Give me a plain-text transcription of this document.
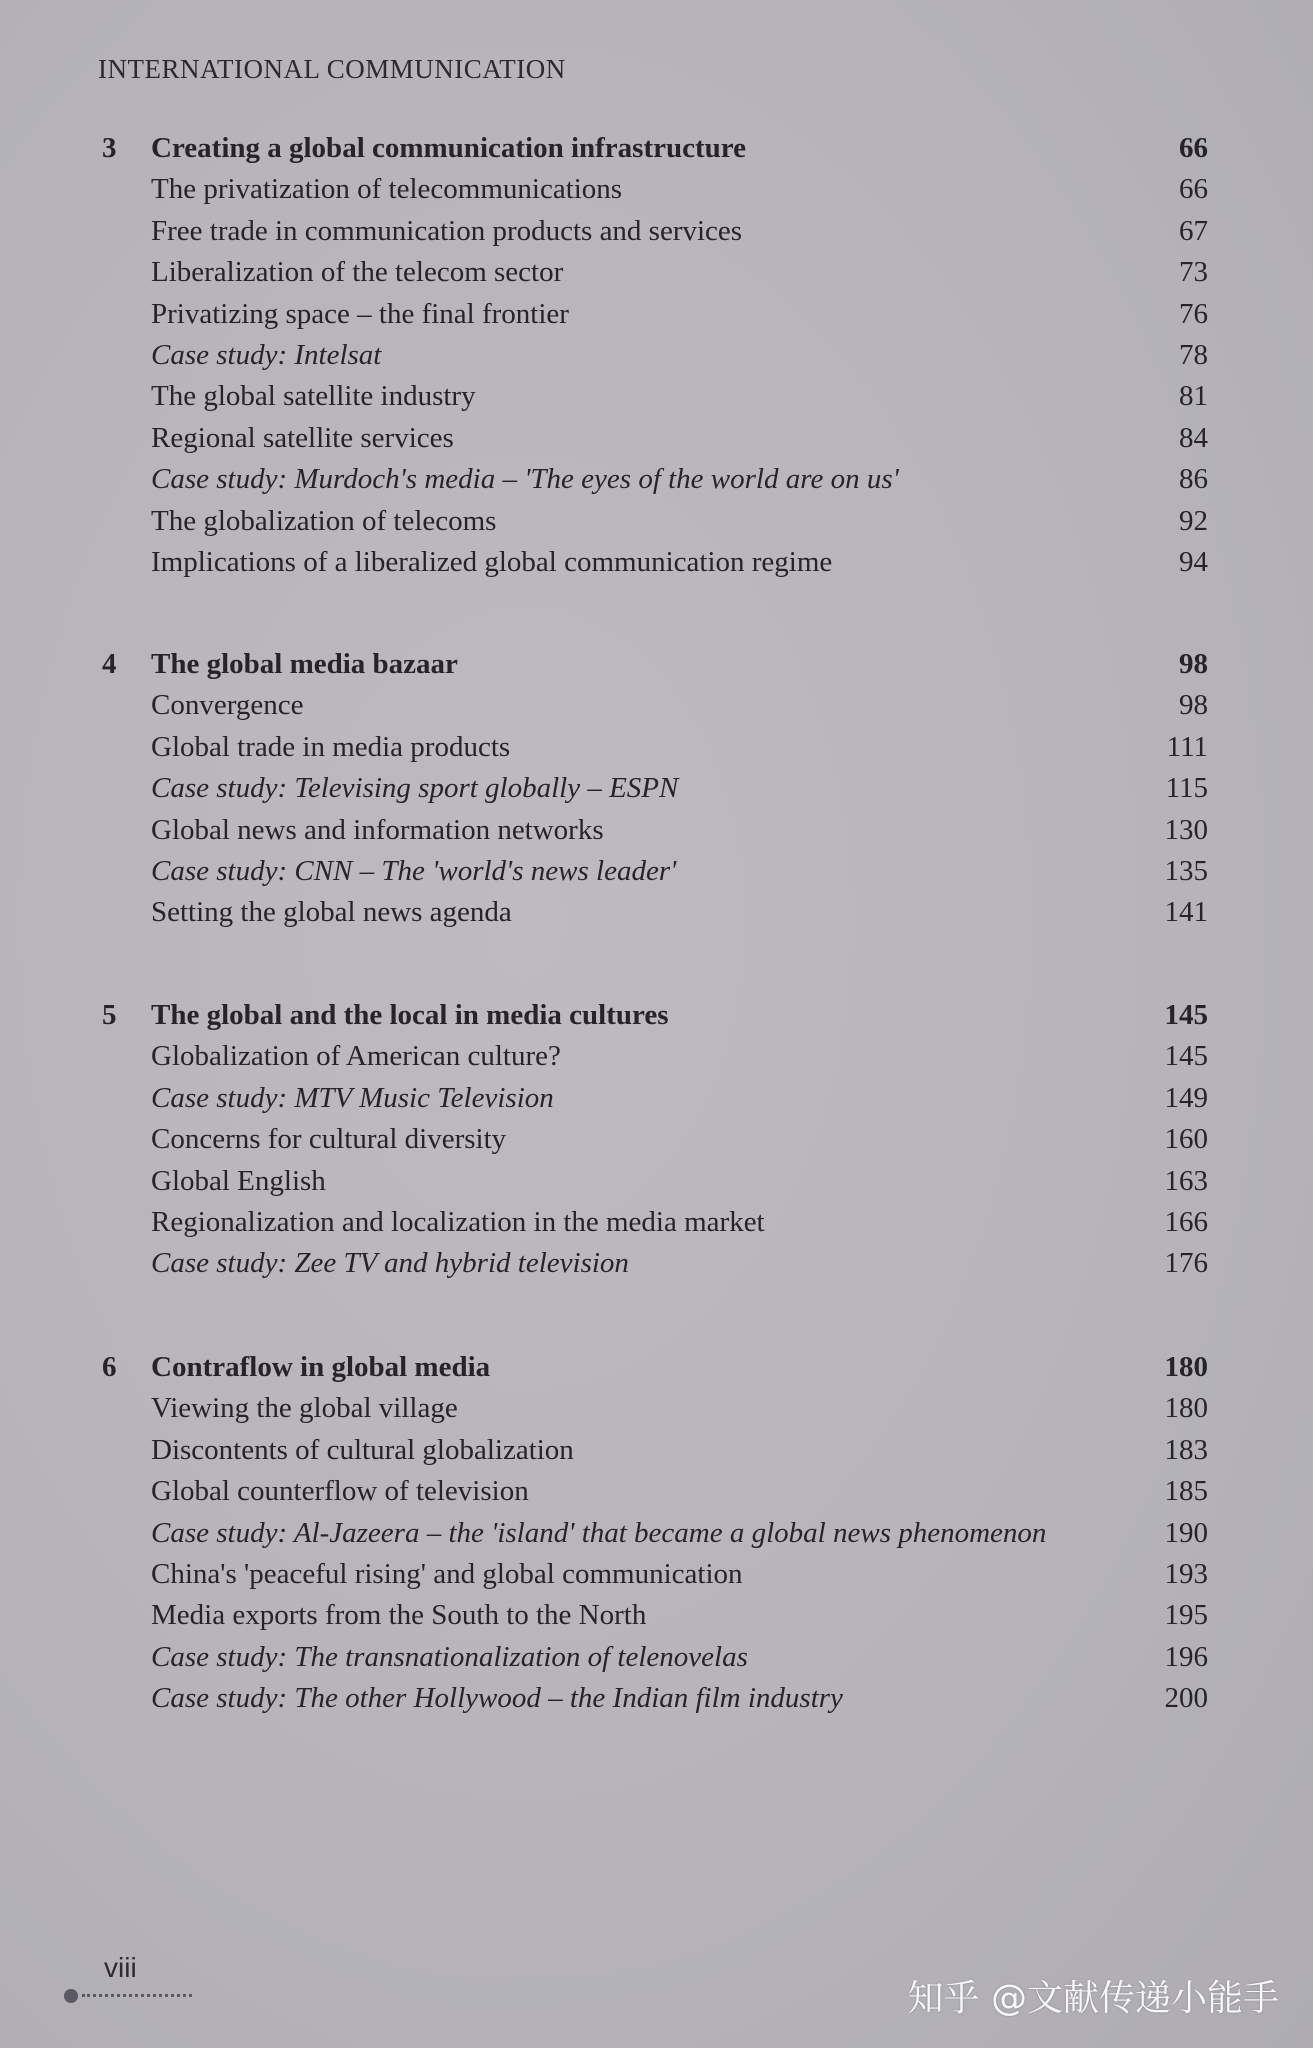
INTERNATIONAL COMMUNICATION
3 Creating a global communication infrastructure	66
The privatization of telecommunications	66
Free trade in communication products and services	67
Liberalization of the telecom sector	73
Privatizing space – the final frontier	76
Case study: Intelsat	78
The global satellite industry	81
Regional satellite services	84
Case study: Murdoch's media – 'The eyes of the world are on us'	86
The globalization of telecoms	92
Implications of a liberalized global communication regime	94
4 The global media bazaar	98
Convergence	98
Global trade in media products	111
Case study: Televising sport globally – ESPN	115
Global news and information networks	130
Case study: CNN – The 'world's news leader'	135
Setting the global news agenda	141
5 The global and the local in media cultures	145
Globalization of American culture?	145
Case study: MTV Music Television	149
Concerns for cultural diversity	160
Global English	163
Regionalization and localization in the media market	166
Case study: Zee TV and hybrid television	176
6 Contraflow in global media	180
Viewing the global village	180
Discontents of cultural globalization	183
Global counterflow of television	185
Case study: Al-Jazeera – the 'island' that became a global news phenomenon	190
China's 'peaceful rising' and global communication	193
Media exports from the South to the North	195
Case study: The transnationalization of telenovelas	196
Case study: The other Hollywood – the Indian film industry	200
viii
知乎 @文献传递小能手
